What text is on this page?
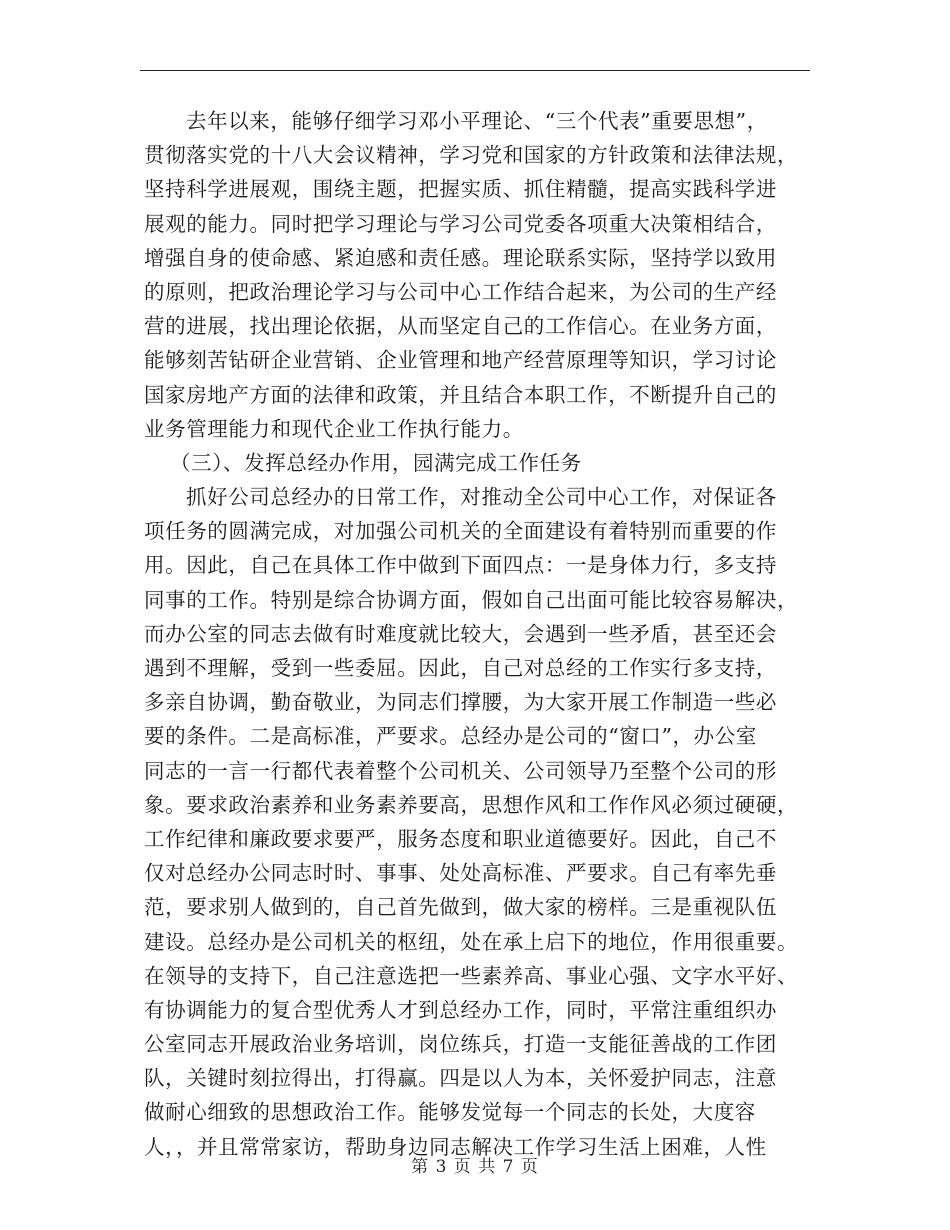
去年以来，能够仔细学习邓小平理论、“三个代表”重要思想”，
贯彻落实党的十八大会议精神，学习党和国家的方针政策和法律法规，
坚持科学进展观，围绕主题，把握实质、抓住精髓，提高实践科学进
展观的能力。同时把学习理论与学习公司党委各项重大决策相结合，
增强自身的使命感、紧迫感和责任感。理论联系实际，坚持学以致用
的原则，把政治理论学习与公司中心工作结合起来，为公司的生产经
营的进展，找出理论依据，从而坚定自己的工作信心。在业务方面，
能够刻苦钻研企业营销、企业管理和地产经营原理等知识，学习讨论
国家房地产方面的法律和政策，并且结合本职工作，不断提升自己的
业务管理能力和现代企业工作执行能力。
（三）、发挥总经办作用，园满完成工作任务
抓好公司总经办的日常工作，对推动全公司中心工作，对保证各
项任务的圆满完成，对加强公司机关的全面建设有着特别而重要的作
用。因此，自己在具体工作中做到下面四点：一是身体力行，多支持
同事的工作。特别是综合协调方面，假如自己出面可能比较容易解决，
而办公室的同志去做有时难度就比较大，会遇到一些矛盾，甚至还会
遇到不理解，受到一些委屈。因此，自己对总经的工作实行多支持，
多亲自协调，勤奋敬业，为同志们撑腰，为大家开展工作制造一些必
要的条件。二是高标准，严要求。总经办是公司的“窗口”，办公室
同志的一言一行都代表着整个公司机关、公司领导乃至整个公司的形
象。要求政治素养和业务素养要高，思想作风和工作作风必须过硬硬，
工作纪律和廉政要求要严，服务态度和职业道德要好。因此，自己不
仅对总经办公同志时时、事事、处处高标准、严要求。自己有率先垂
范，要求别人做到的，自己首先做到，做大家的榜样。三是重视队伍
建设。总经办是公司机关的枢纽，处在承上启下的地位，作用很重要。
在领导的支持下，自己注意选把一些素养高、事业心强、文字水平好、
有协调能力的复合型优秀人才到总经办工作，同时，平常注重组织办
公室同志开展政治业务培训，岗位练兵，打造一支能征善战的工作团
队，关键时刻拉得出，打得赢。四是以人为本，关怀爱护同志，注意
做耐心细致的思想政治工作。能够发觉每一个同志的长处，大度容
人，，并且常常家访，帮助身边同志解决工作学习生活上困难，人性
第 3 页 共 7 页
